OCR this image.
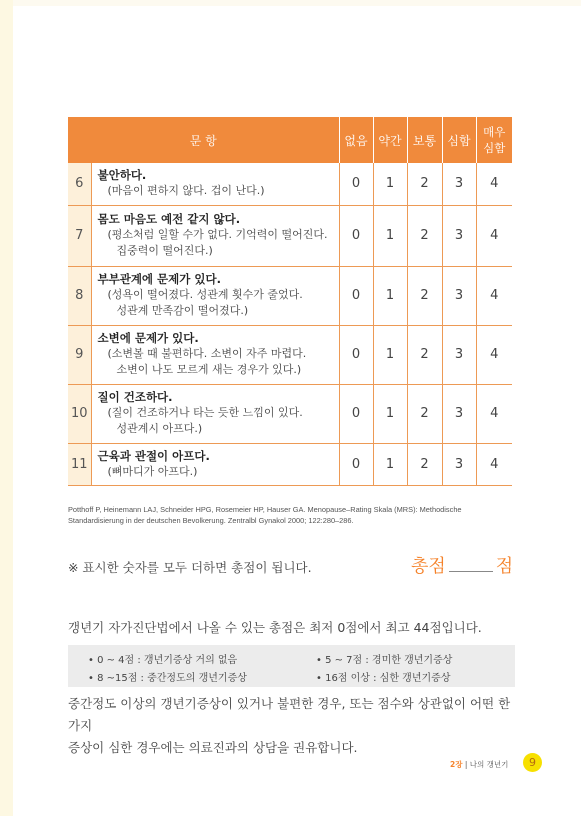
문 항		없음	약간	보통	심함	매우
심함
6	불안하다.
(마음이 편하지 않다. 겁이 난다.)	0	1	2	3	4
7	몸도 마음도 예전 같지 않다.
(평소처럼 일할 수가 없다. 기억력이 떨어진다.
집중력이 떨어진다.)	0	1	2	3	4
8	부부관계에 문제가 있다.
(성욕이 떨어졌다. 성관계 횟수가 줄었다.
성관계 만족감이 떨어졌다.)	0	1	2	3	4
9	소변에 문제가 있다.
(소변볼 때 불편하다. 소변이 자주 마렵다.
소변이 나도 모르게 새는 경우가 있다.)	0	1	2	3	4
10	질이 건조하다.
(질이 건조하거나 타는 듯한 느낌이 있다.
성관계시 아프다.)	0	1	2	3	4
11	근육과 관절이 아프다.
(뼈마디가 아프다.)	0	1	2	3	4
Potthoff P, Heinemann LAJ, Schneider HPG, Rosemeier HP, Hauser GA. Menopause–Rating Skala (MRS): Methodische
Standardisierung in der deutschen Bevolkerung. Zentralbl Gynakol 2000; 122:280–286.
※ 표시한 숫자를 모두 더하면 총점이 됩니다.	총점	점
갱년기 자가진단법에서 나올 수 있는 총점은 최저 0점에서 최고 44점입니다.
• 0 ~ 4점 : 갱년기증상 거의 없음	• 5 ~ 7점 : 경미한 갱년기증상
• 8 ~15점 : 중간정도의 갱년기증상	• 16점 이상 : 심한 갱년기증상
중간정도 이상의 갱년기증상이 있거나 불편한 경우, 또는 점수와 상관없이 어떤 한 가지
증상이 심한 경우에는 의료진과의 상담을 권유합니다.
2장 | 나의 갱년기	9
